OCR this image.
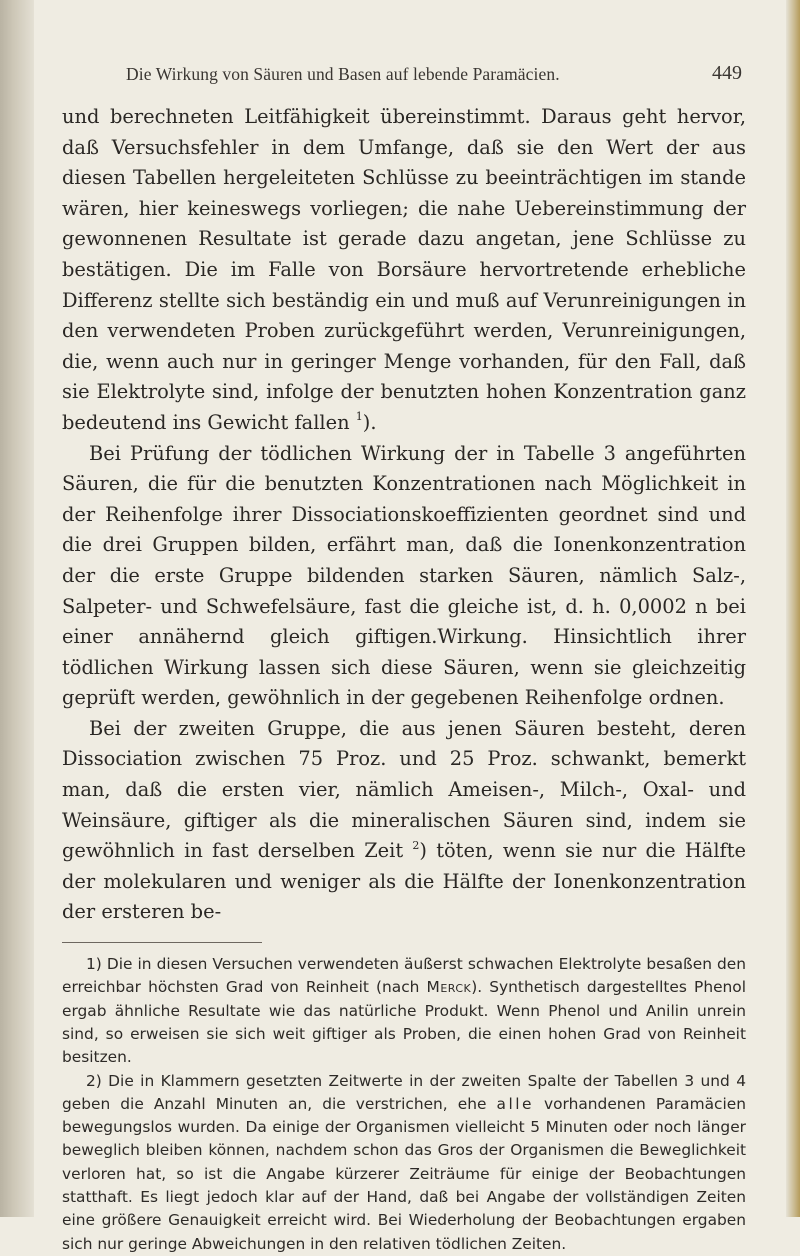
Die Wirkung von Säuren und Basen auf lebende Paramäcien.	449

und berechneten Leitfähigkeit übereinstimmt. Daraus geht hervor, daß Versuchsfehler in dem Umfange, daß sie den Wert der aus diesen Tabellen hergeleiteten Schlüsse zu beeinträchtigen im stande wären, hier keineswegs vorliegen; die nahe Uebereinstimmung der gewonnenen Resultate ist gerade dazu angetan, jene Schlüsse zu bestätigen. Die im Falle von Borsäure hervortretende erhebliche Differenz stellte sich beständig ein und muß auf Verunreinigungen in den verwendeten Proben zurückgeführt werden, Verunreinigungen, die, wenn auch nur in geringer Menge vorhanden, für den Fall, daß sie Elektrolyte sind, infolge der benutzten hohen Konzentration ganz bedeutend ins Gewicht fallen $^1$).

Bei Prüfung der tödlichen Wirkung der in Tabelle 3 angeführten Säuren, die für die benutzten Konzentrationen nach Möglichkeit in der Reihenfolge ihrer Dissociationskoeffizienten geordnet sind und die drei Gruppen bilden, erfährt man, daß die Ionenkonzentration der die erste Gruppe bildenden starken Säuren, nämlich Salz-, Salpeter- und Schwefelsäure, fast die gleiche ist, d. h. 0,0002 n bei einer annähernd gleich giftigen.Wirkung. Hinsichtlich ihrer tödlichen Wirkung lassen sich diese Säuren, wenn sie gleichzeitig geprüft werden, gewöhnlich in der gegebenen Reihenfolge ordnen.

Bei der zweiten Gruppe, die aus jenen Säuren besteht, deren Dissociation zwischen 75 Proz. und 25 Proz. schwankt, bemerkt man, daß die ersten vier, nämlich Ameisen-, Milch-, Oxal- und Weinsäure, giftiger als die mineralischen Säuren sind, indem sie gewöhnlich in fast derselben Zeit $^2$) töten, wenn sie nur die Hälfte der molekularen und weniger als die Hälfte der Ionenkonzentration der ersteren be-

1) Die in diesen Versuchen verwendeten äußerst schwachen Elektrolyte besaßen den erreichbar höchsten Grad von Reinheit (nach Merck). Synthetisch dargestelltes Phenol ergab ähnliche Resultate wie das natürliche Produkt. Wenn Phenol und Anilin unrein sind, so erweisen sie sich weit giftiger als Proben, die einen hohen Grad von Reinheit besitzen.

2) Die in Klammern gesetzten Zeitwerte in der zweiten Spalte der Tabellen 3 und 4 geben die Anzahl Minuten an, die verstrichen, ehe alle vorhandenen Paramäcien bewegungslos wurden. Da einige der Organismen vielleicht 5 Minuten oder noch länger beweglich bleiben können, nachdem schon das Gros der Organismen die Beweglichkeit verloren hat, so ist die Angabe kürzerer Zeiträume für einige der Beobachtungen statthaft. Es liegt jedoch klar auf der Hand, daß bei Angabe der vollständigen Zeiten eine größere Genauigkeit erreicht wird. Bei Wiederholung der Beobachtungen ergaben sich nur geringe Abweichungen in den relativen tödlichen Zeiten.
